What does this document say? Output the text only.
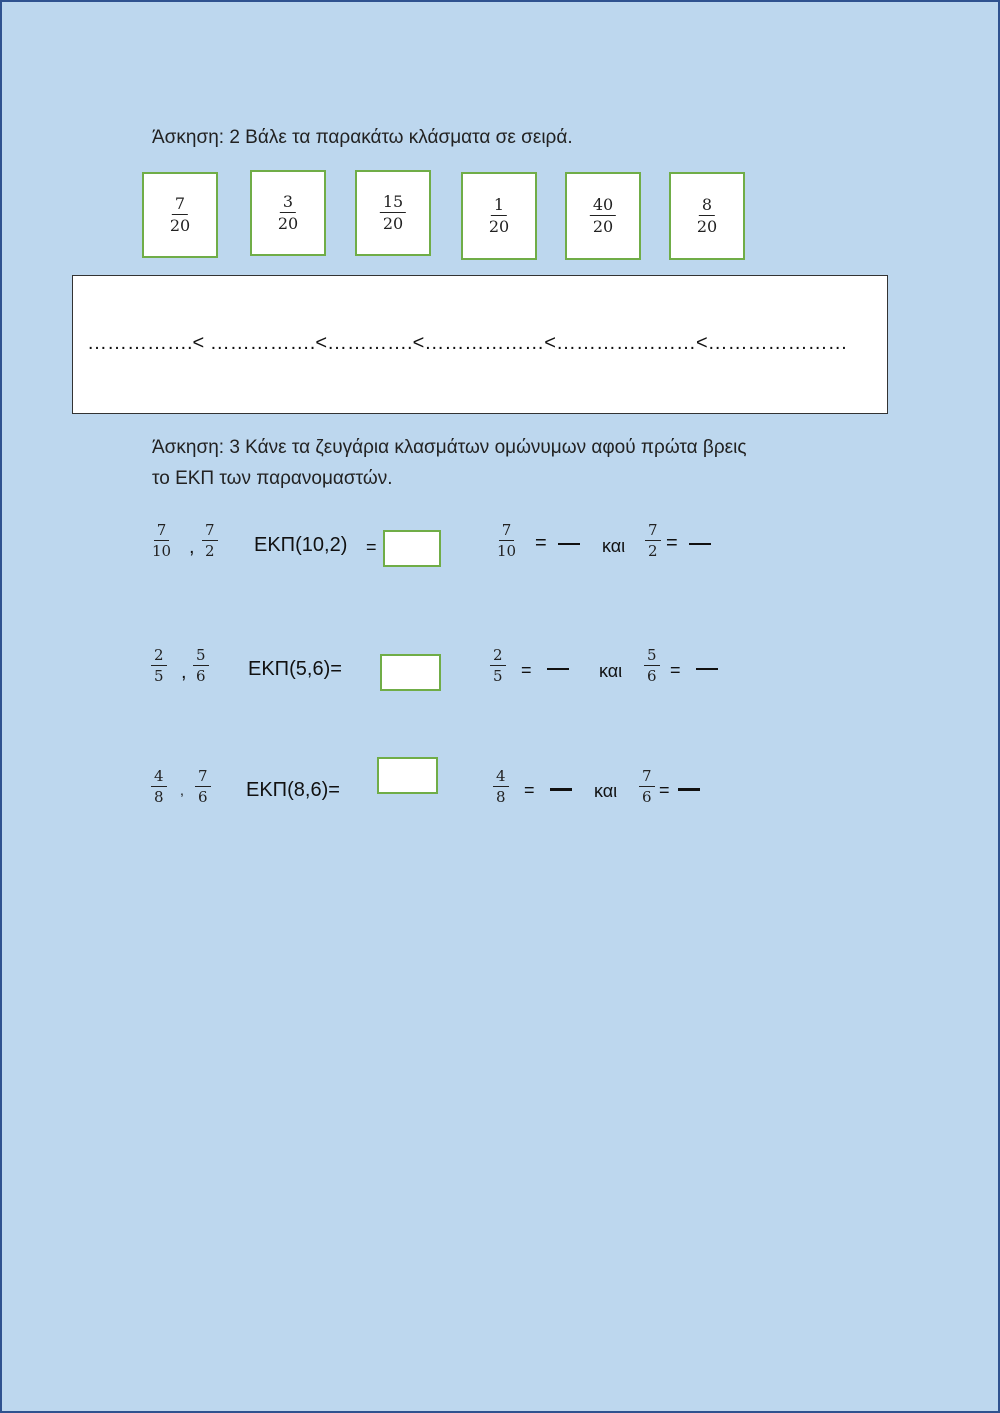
Άσκηση: 2 Βάλε τα παρακάτω κλάσματα σε σειρά.
$\frac{7}{20}$	$\frac{3}{20}$	$\frac{15}{20}$	$\frac{1}{20}$	$\frac{40}{20}$	$\frac{8}{20}$
…………….< …………….<………….<………………<…………………<…………………
Άσκηση: 3 Κάνε τα ζευγάρια κλασμάτων ομώνυμων αφού πρώτα βρεις
το ΕΚΠ των παρανομαστών.
$\frac{7}{10}$ , $\frac{7}{2} EK\Pi(10,2)$ =	$\frac{7}{10}$ =	και $\frac{7}{2}$ =
$\frac{2}{5}$ , $\frac{5}{6} EK\Pi(5,6)=$	$\frac{2}{5}$ =	και $\frac{5}{6}$ =
$\frac{4}{8}$ , $\frac{7}{6} EK\Pi(8,6)=$	$\frac{4}{8}$ =	και $\frac{7}{6}$ =
